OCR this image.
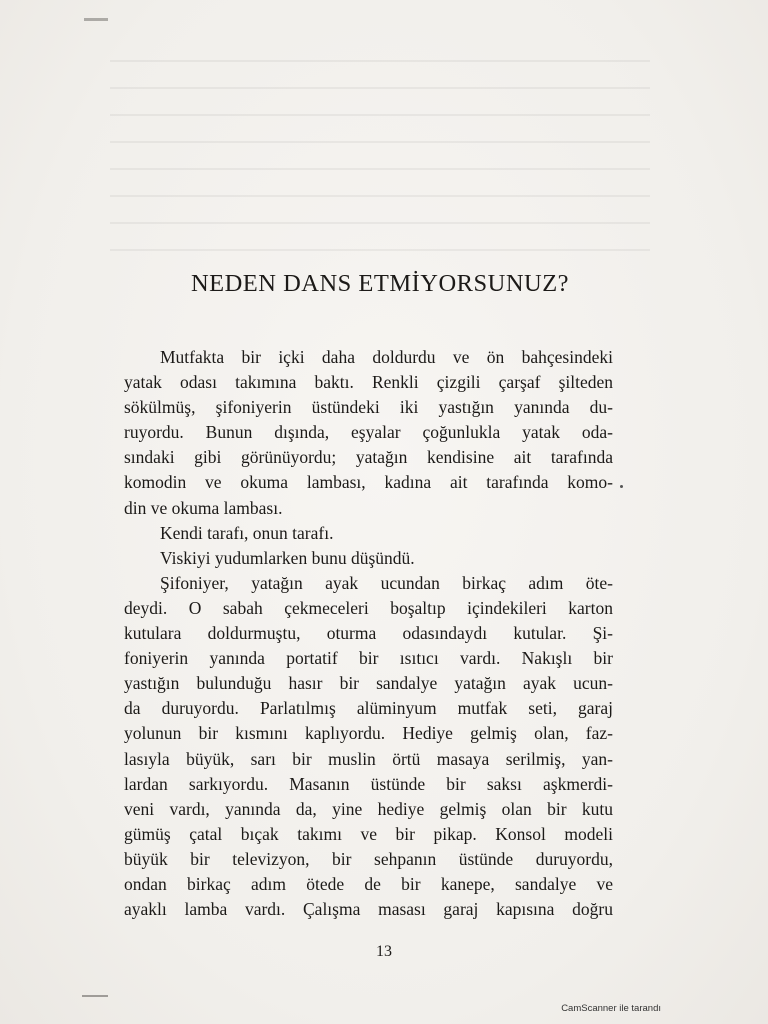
NEDEN DANS ETMİYORSUNUZ?

Mutfakta bir içki daha doldurdu ve ön bahçesindeki
yatak odası takımına baktı. Renkli çizgili çarşaf şilteden
sökülmüş, şifoniyerin üstündeki iki yastığın yanında du-
ruyordu. Bunun dışında, eşyalar çoğunlukla yatak oda-
sındaki gibi görünüyordu; yatağın kendisine ait tarafında
komodin ve okuma lambası, kadına ait tarafında komo-
din ve okuma lambası.

Kendi tarafı, onun tarafı.

Viskiyi yudumlarken bunu düşündü.

Şifoniyer, yatağın ayak ucundan birkaç adım öte-
deydi. O sabah çekmeceleri boşaltıp içindekileri karton
kutulara doldurmuştu, oturma odasındaydı kutular. Şi-
foniyerin yanında portatif bir ısıtıcı vardı. Nakışlı bir
yastığın bulunduğu hasır bir sandalye yatağın ayak ucun-
da duruyordu. Parlatılmış alüminyum mutfak seti, garaj
yolunun bir kısmını kaplıyordu. Hediye gelmiş olan, faz-
lasıyla büyük, sarı bir muslin örtü masaya serilmiş, yan-
lardan sarkıyordu. Masanın üstünde bir saksı aşkmerdi-
veni vardı, yanında da, yine hediye gelmiş olan bir kutu
gümüş çatal bıçak takımı ve bir pikap. Konsol modeli
büyük bir televizyon, bir sehpanın üstünde duruyordu,
ondan birkaç adım ötede de bir kanepe, sandalye ve
ayaklı lamba vardı. Çalışma masası garaj kapısına doğru

13
CamScanner ile tarandı
